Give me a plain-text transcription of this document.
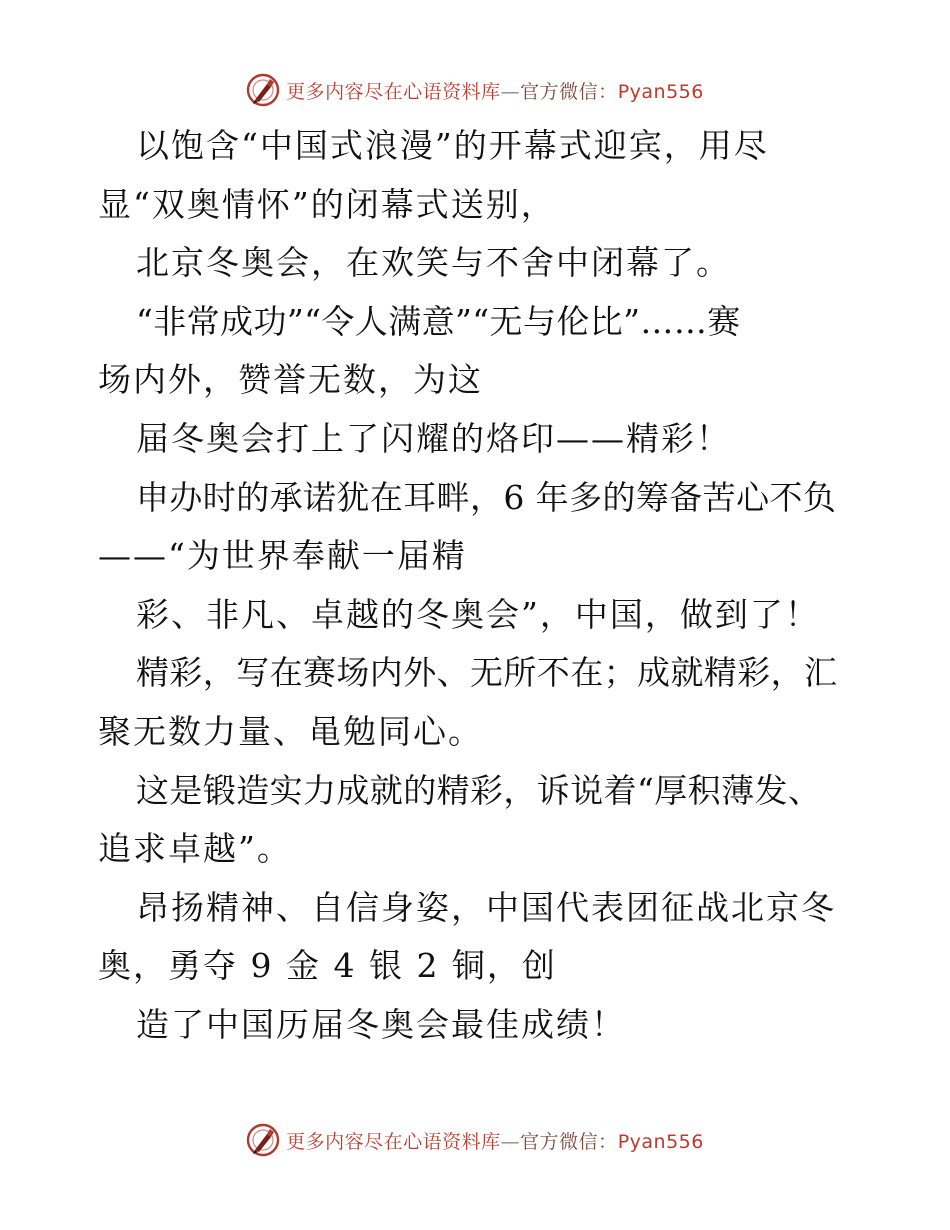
更多内容尽在心语资料库—官方微信：Pyan556
以饱含“中国式浪漫”的开幕式迎宾，用尽
显“双奥情怀”的闭幕式送别，
北京冬奥会，在欢笑与不舍中闭幕了。
“非常成功”“令人满意”“无与伦比”……赛
场内外，赞誉无数，为这
届冬奥会打上了闪耀的烙印——精彩！
申办时的承诺犹在耳畔，6 年多的筹备苦心不负
——“为世界奉献一届精
彩、非凡、卓越的冬奥会”，中国，做到了！
精彩，写在赛场内外、无所不在；成就精彩，汇
聚无数力量、黾勉同心。
这是锻造实力成就的精彩，诉说着“厚积薄发、
追求卓越”。
昂扬精神、自信身姿，中国代表团征战北京冬
奥，勇夺 9 金 4 银 2 铜，创
造了中国历届冬奥会最佳成绩！
更多内容尽在心语资料库—官方微信：Pyan556
